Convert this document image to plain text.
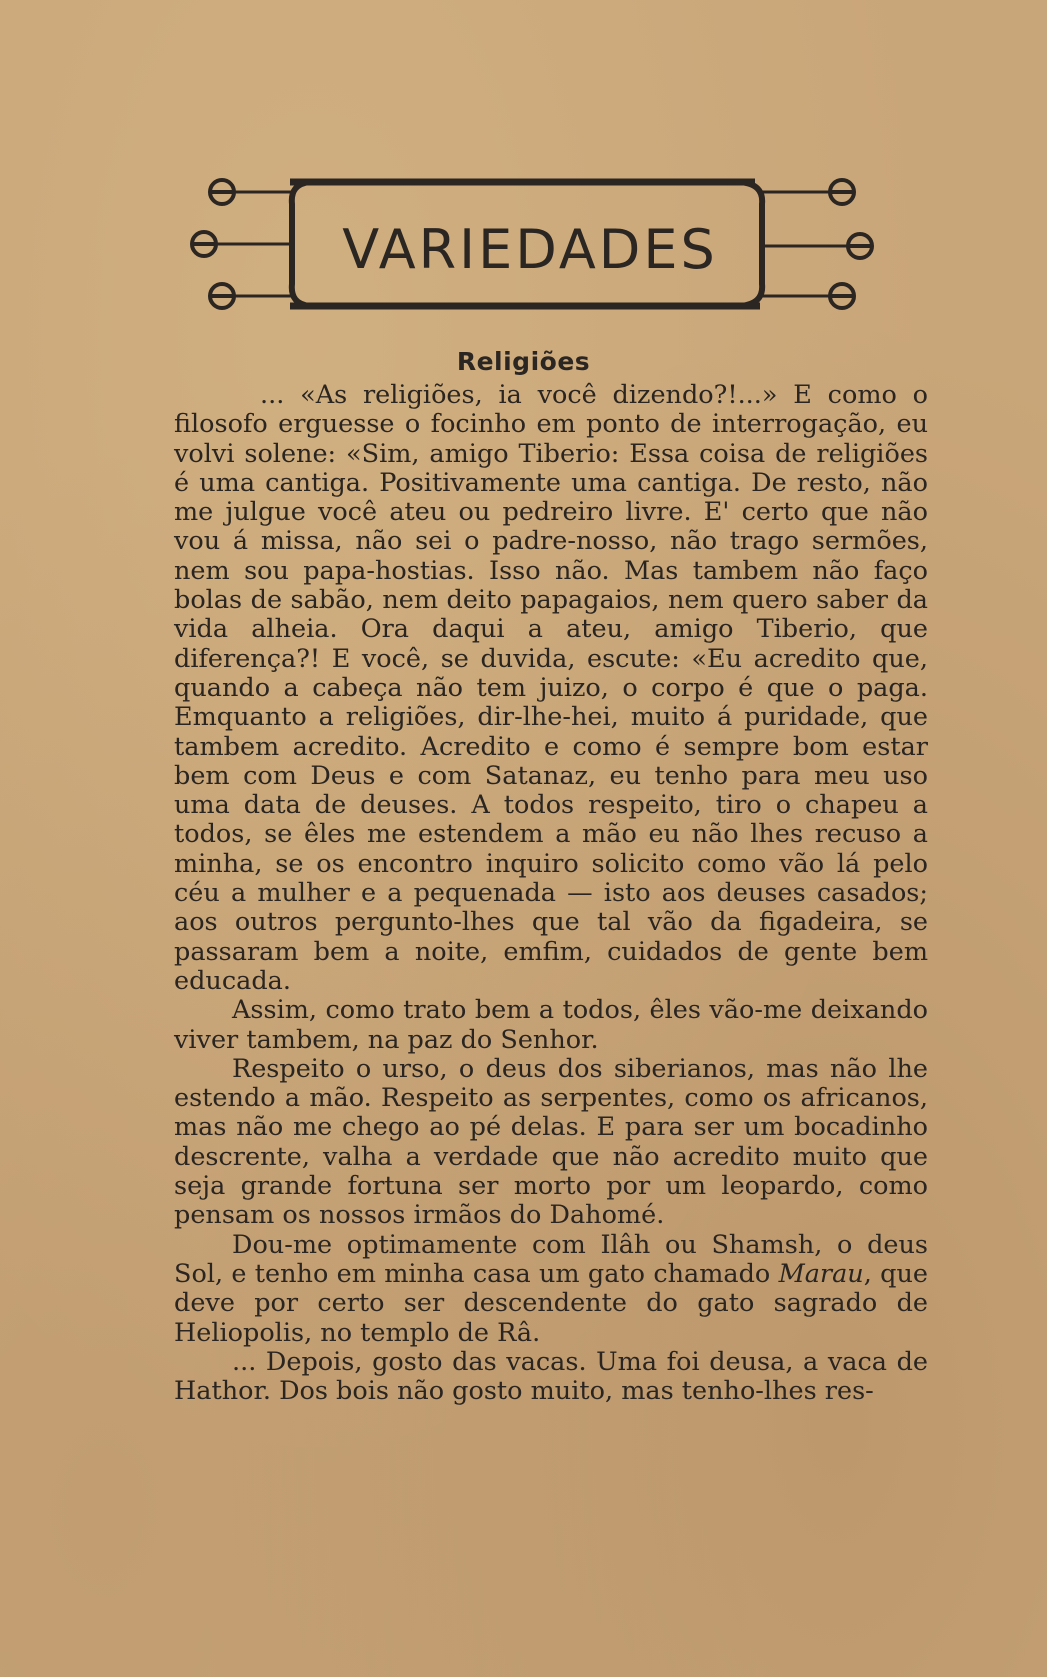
VARIEDADES
Religiões

... «As religiões, ia você dizendo?!...» E como o filosofo erguesse o focinho em ponto de interrogação, eu volvi solene: «Sim, amigo Tiberio: Essa coisa de religiões é uma cantiga. Positivamente uma cantiga. De resto, não me julgue você ateu ou pedreiro livre. E' certo que não vou á missa, não sei o padre-nosso, não trago sermões, nem sou papa-hostias. Isso não. Mas tambem não faço bolas de sabão, nem deito papagaios, nem quero saber da vida alheia. Ora daqui a ateu, amigo Tiberio, que diferença?! E você, se duvida, escute: «Eu acredito que, quando a cabeça não tem juizo, o corpo é que o paga. Emquanto a religiões, dir-lhe-hei, muito á puridade, que tambem acredito. Acredito e como é sempre bom estar bem com Deus e com Satanaz, eu tenho para meu uso uma data de deuses. A todos respeito, tiro o chapeu a todos, se êles me estendem a mão eu não lhes recuso a minha, se os encontro inquiro solicito como vão lá pelo céu a mulher e a pequenada — isto aos deuses casados; aos outros pergunto-lhes que tal vão da figadeira, se passaram bem a noite, emfim, cuidados de gente bem educada.

Assim, como trato bem a todos, êles vão-me deixando viver tambem, na paz do Senhor.

Respeito o urso, o deus dos siberianos, mas não lhe estendo a mão. Respeito as serpentes, como os africanos, mas não me chego ao pé delas. E para ser um bocadinho descrente, valha a verdade que não acredito muito que seja grande fortuna ser morto por um leopardo, como pensam os nossos irmãos do Dahomé.

Dou-me optimamente com Ilâh ou Shamsh, o deus Sol, e tenho em minha casa um gato chamado Marau, que deve por certo ser descendente do gato sagrado de Heliopolis, no templo de Râ.

... Depois, gosto das vacas. Uma foi deusa, a vaca de Hathor. Dos bois não gosto muito, mas tenho-lhes res-
